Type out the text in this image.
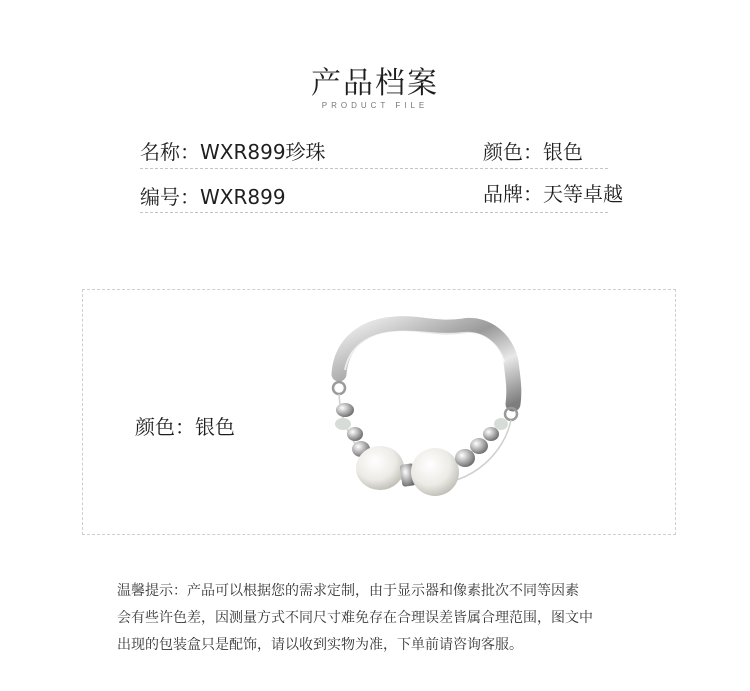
产品档案
PRODUCT FILE
名称：WXR899珍珠	颜色：银色
编号：WXR899	品牌：天等卓越
颜色：银色
温馨提示：产品可以根据您的需求定制，由于显示器和像素批次不同等因素
会有些许色差，因测量方式不同尺寸难免存在合理误差皆属合理范围，图文中
出现的包装盒只是配饰，请以收到实物为准，下单前请咨询客服。
